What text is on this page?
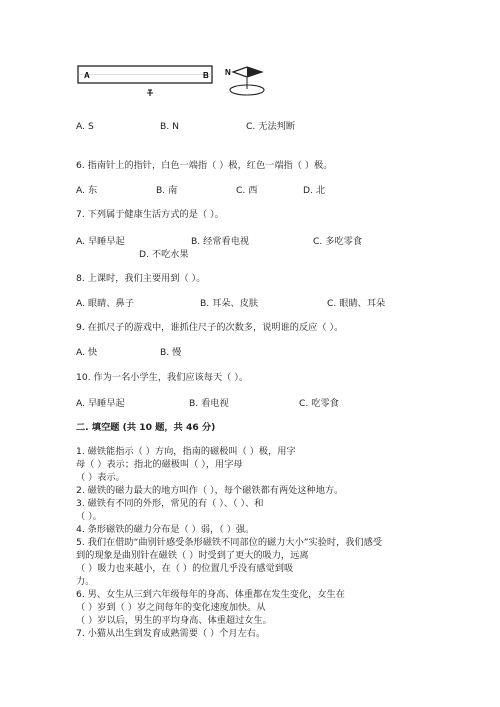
A	B N
A. S	B. N	C. 无法判断
6. 指南针上的指针，白色一端指（ ）极，红色一端指（ ）极。
A. 东	B. 南	C. 西	D. 北
7. 下列属于健康生活方式的是（ ）。
A. 早睡早起	B. 经常看电视	C. 多吃零食
D. 不吃水果
8. 上课时，我们主要用到（ ）。
A. 眼睛、鼻子	B. 耳朵、皮肤	C. 眼睛、耳朵
9. 在抓尺子的游戏中，谁抓住尺子的次数多，说明谁的反应（ ）。
A. 快	B. 慢
10. 作为一名小学生，我们应该每天（ ）。
A. 早睡早起	B. 看电视	C. 吃零食
二. 填空题 (共 10 题，共 46 分)
1. 磁铁能指示（ ）方向，指南的磁极叫（ ）极，用字
母（ ）表示；指北的磁极叫（ ），用字母
（ ）表示。
2. 磁铁的磁力最大的地方叫作（ ），每个磁铁都有两处这种地方。
3. 磁铁有不同的外形，常见的有（ ）、（ ）、和
（ ）。
4. 条形磁铁的磁力分布是（ ）弱，（ ）强。
5. 我们在借助“曲别针感受条形磁铁不同部位的磁力大小”实验时，我们感受
到的现象是曲别针在磁铁（ ）时受到了更大的吸力，远离
（ ）吸力也来越小，在（ ）的位置几乎没有感觉到吸
力。
6. 男、女生从三到六年级每年的身高、体重都在发生变化，女生在
（ ）岁到（ ）岁之间每年的变化速度加快。从
（ ）岁以后，男生的平均身高、体重超过女生。
7. 小猫从出生到发育成熟需要（ ）个月左右。
